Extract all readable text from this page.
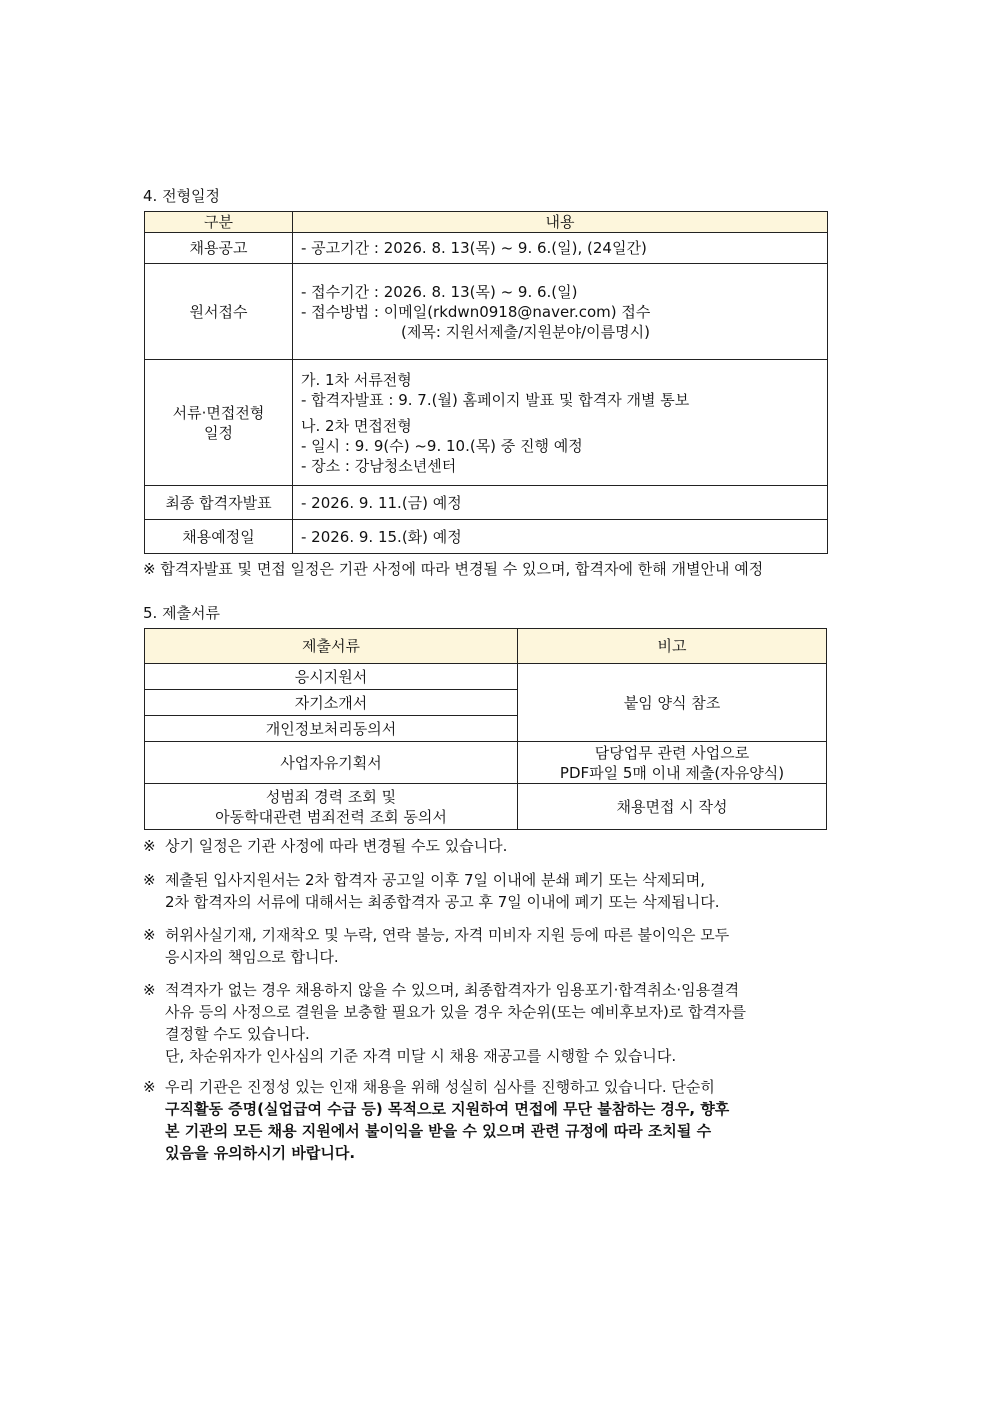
4. 전형일정
구분	내용
채용공고	- 공고기간 : 2026. 8. 13(목) ~ 9. 6.(일), (24일간)
원서접수	- 접수기간 : 2026. 8. 13(목) ~ 9. 6.(일)
- 접수방법 : 이메일(rkdwn0918@naver.com) 접수
(제목: 지원서제출/지원분야/이름명시)

서류·면접전형
일정	가. 1차 서류전형
- 합격자발표 : 9. 7.(월) 홈페이지 발표 및 합격자 개별 통보
나. 2차 면접전형
- 일시 : 9. 9(수) ~9. 10.(목) 중 진행 예정
- 장소 : 강남청소년센터

최종 합격자발표	- 2026. 9. 11.(금) 예정
채용예정일	- 2026. 9. 15.(화) 예정
※ 합격자발표 및 면접 일정은 기관 사정에 따라 변경될 수 있으며, 합격자에 한해 개별안내 예정
5. 제출서류
제출서류	비고
응시지원서	붙임 양식 참조
자기소개서	
개인정보처리동의서	
사업자유기획서	담당업무 관련 사업으로
PDF파일 5매 이내 제출(자유양식)

성범죄 경력 조회 및
아동학대관련 범죄전력 조회 동의서	채용면접 시 작성
※ 상기 일정은 기관 사정에 따라 변경될 수도 있습니다.
※ 제출된 입사지원서는 2차 합격자 공고일 이후 7일 이내에 분쇄 폐기 또는 삭제되며,
2차 합격자의 서류에 대해서는 최종합격자 공고 후 7일 이내에 폐기 또는 삭제됩니다.
※ 허위사실기재, 기재착오 및 누락, 연락 불능, 자격 미비자 지원 등에 따른 불이익은 모두
응시자의 책임으로 합니다.
※ 적격자가 없는 경우 채용하지 않을 수 있으며, 최종합격자가 임용포기·합격취소·임용결격
사유 등의 사정으로 결원을 보충할 필요가 있을 경우 차순위(또는 예비후보자)로 합격자를
결정할 수도 있습니다.
단, 차순위자가 인사심의 기준 자격 미달 시 채용 재공고를 시행할 수 있습니다.
※ 우리 기관은 진정성 있는 인재 채용을 위해 성실히 심사를 진행하고 있습니다. 단순히
구직활동 증명(실업급여 수급 등) 목적으로 지원하여 면접에 무단 불참하는 경우, 향후
본 기관의 모든 채용 지원에서 불이익을 받을 수 있으며 관련 규정에 따라 조치될 수
있음을 유의하시기 바랍니다.
